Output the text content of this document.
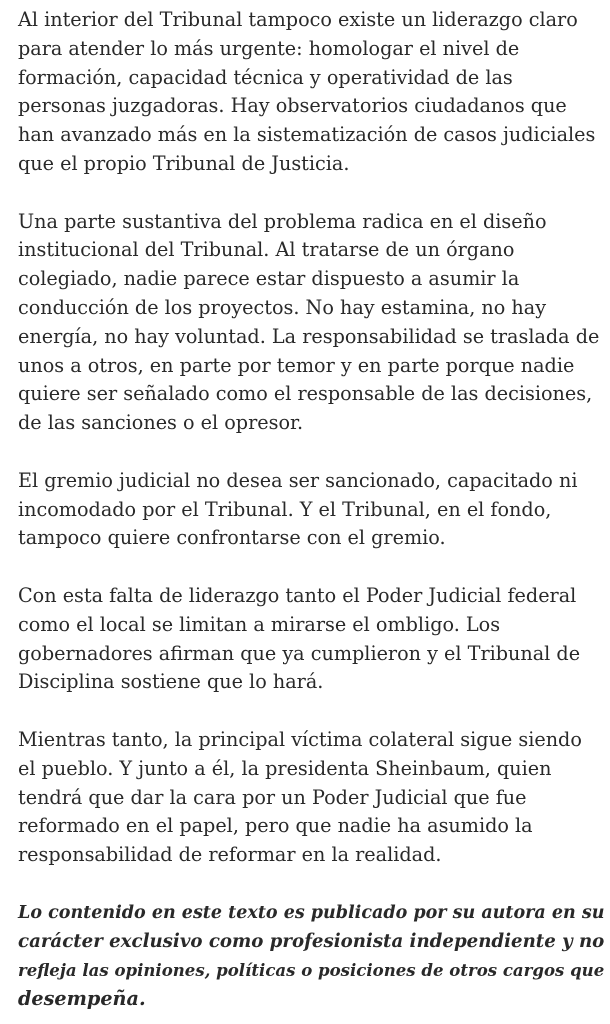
Al interior del Tribunal tampoco existe un liderazgo claro
para atender lo más urgente: homologar el nivel de
formación, capacidad técnica y operatividad de las
personas juzgadoras. Hay observatorios ciudadanos que
han avanzado más en la sistematización de casos judiciales
que el propio Tribunal de Justicia.

Una parte sustantiva del problema radica en el diseño
institucional del Tribunal. Al tratarse de un órgano
colegiado, nadie parece estar dispuesto a asumir la
conducción de los proyectos. No hay estamina, no hay
energía, no hay voluntad. La responsabilidad se traslada de
unos a otros, en parte por temor y en parte porque nadie
quiere ser señalado como el responsable de las decisiones,
de las sanciones o el opresor.

El gremio judicial no desea ser sancionado, capacitado ni
incomodado por el Tribunal. Y el Tribunal, en el fondo,
tampoco quiere confrontarse con el gremio.

Con esta falta de liderazgo tanto el Poder Judicial federal
como el local se limitan a mirarse el ombligo. Los
gobernadores afirman que ya cumplieron y el Tribunal de
Disciplina sostiene que lo hará.

Mientras tanto, la principal víctima colateral sigue siendo
el pueblo. Y junto a él, la presidenta Sheinbaum, quien
tendrá que dar la cara por un Poder Judicial que fue
reformado en el papel, pero que nadie ha asumido la
responsabilidad de reformar en la realidad.

Lo contenido en este texto es publicado por su autora en su
carácter exclusivo como profesionista independiente y no
refleja las opiniones, políticas o posiciones de otros cargos que
desempeña.
